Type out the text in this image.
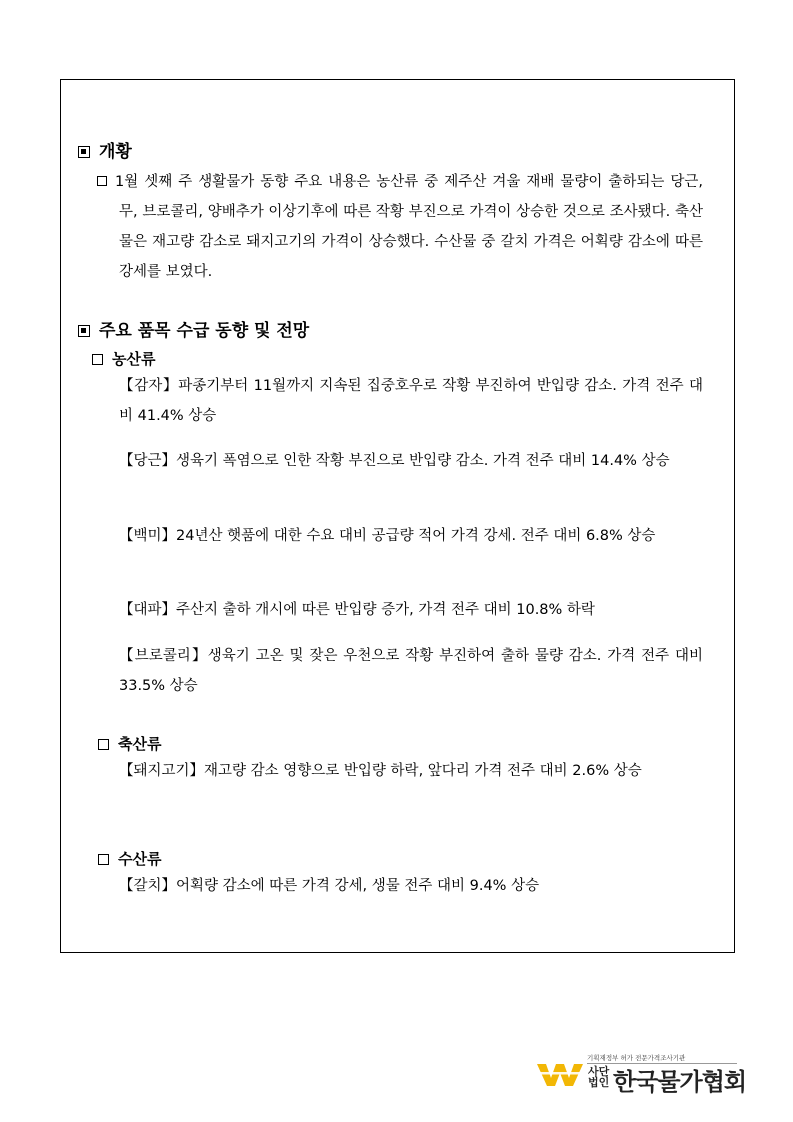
개황
1월 셋째 주 생활물가 동향 주요 내용은 농산류 중 제주산 겨울 재배 물량이 출하되는 당근, 무, 브로콜리, 양배추가 이상기후에 따른 작황 부진으로 가격이 상승한 것으로 조사됐다. 축산물은 재고량 감소로 돼지고기의 가격이 상승했다. 수산물 중 갈치 가격은 어획량 감소에 따른 강세를 보였다.
주요 품목 수급 동향 및 전망
농산류
【감자】파종기부터 11월까지 지속된 집중호우로 작황 부진하여 반입량 감소. 가격 전주 대비 41.4% 상승
【당근】생육기 폭염으로 인한 작황 부진으로 반입량 감소. 가격 전주 대비 14.4% 상승
【백미】24년산 햇품에 대한 수요 대비 공급량 적어 가격 강세. 전주 대비 6.8% 상승
【대파】주산지 출하 개시에 따른 반입량 증가, 가격 전주 대비 10.8% 하락
【브로콜리】생육기 고온 및 잦은 우천으로 작황 부진하여 출하 물량 감소. 가격 전주 대비 33.5% 상승
축산류
【돼지고기】재고량 감소 영향으로 반입량 하락, 앞다리 가격 전주 대비 2.6% 상승
수산류
【갈치】어획량 감소에 따른 가격 강세, 생물 전주 대비 9.4% 상승
기획재정부 허가 전문가격조사기관
사단
법인 한국물가협회
